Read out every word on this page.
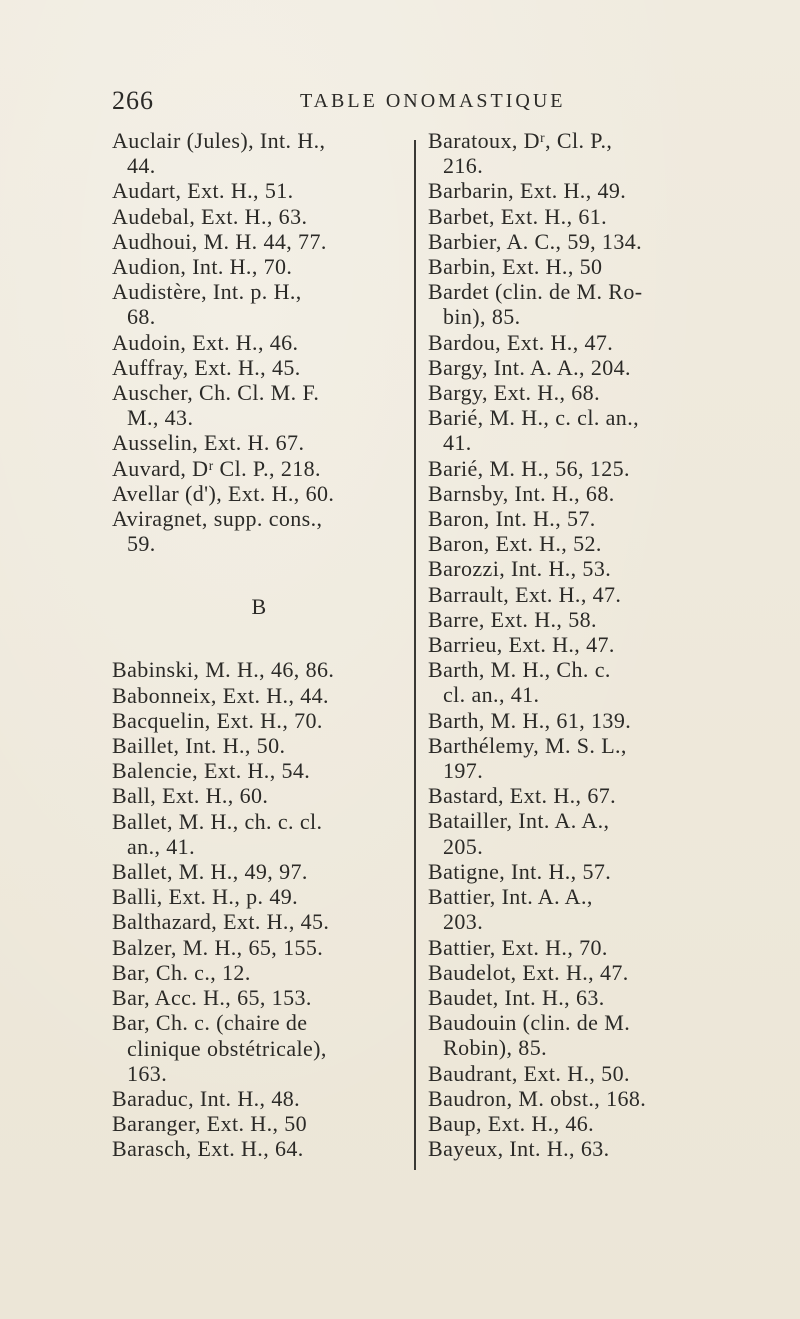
266	TABLE ONOMASTIQUE
Auclair (Jules), Int. H.,
44.
Audart, Ext. H., 51.
Audebal, Ext. H., 63.
Audhoui, M. H. 44, 77.
Audion, Int. H., 70.
Audistère, Int. p. H.,
68.
Audoin, Ext. H., 46.
Auffray, Ext. H., 45.
Auscher, Ch. Cl. M. F.
M., 43.
Ausselin, Ext. H. 67.
Auvard, Dʳ Cl. P., 218.
Avellar (d'), Ext. H., 60.
Aviragnet, supp. cons.,
59.
B
Babinski, M. H., 46, 86.
Babonneix, Ext. H., 44.
Bacquelin, Ext. H., 70.
Baillet, Int. H., 50.
Balencie, Ext. H., 54.
Ball, Ext. H., 60.
Ballet, M. H., ch. c. cl.
an., 41.
Ballet, M. H., 49, 97.
Balli, Ext. H., p. 49.
Balthazard, Ext. H., 45.
Balzer, M. H., 65, 155.
Bar, Ch. c., 12.
Bar, Acc. H., 65, 153.
Bar, Ch. c. (chaire de
clinique obstétricale),
163.
Baraduc, Int. H., 48.
Baranger, Ext. H., 50
Barasch, Ext. H., 64.
Baratoux, Dʳ, Cl. P.,
216.
Barbarin, Ext. H., 49.
Barbet, Ext. H., 61.
Barbier, A. C., 59, 134.
Barbin, Ext. H., 50
Bardet (clin. de M. Ro-
bin), 85.
Bardou, Ext. H., 47.
Bargy, Int. A. A., 204.
Bargy, Ext. H., 68.
Barié, M. H., c. cl. an.,
41.
Barié, M. H., 56, 125.
Barnsby, Int. H., 68.
Baron, Int. H., 57.
Baron, Ext. H., 52.
Barozzi, Int. H., 53.
Barrault, Ext. H., 47.
Barre, Ext. H., 58.
Barrieu, Ext. H., 47.
Barth, M. H., Ch. c.
cl. an., 41.
Barth, M. H., 61, 139.
Barthélemy, M. S. L.,
197.
Bastard, Ext. H., 67.
Batailler, Int. A. A.,
205.
Batigne, Int. H., 57.
Battier, Int. A. A.,
203.
Battier, Ext. H., 70.
Baudelot, Ext. H., 47.
Baudet, Int. H., 63.
Baudouin (clin. de M.
Robin), 85.
Baudrant, Ext. H., 50.
Baudron, M. obst., 168.
Baup, Ext. H., 46.
Bayeux, Int. H., 63.
